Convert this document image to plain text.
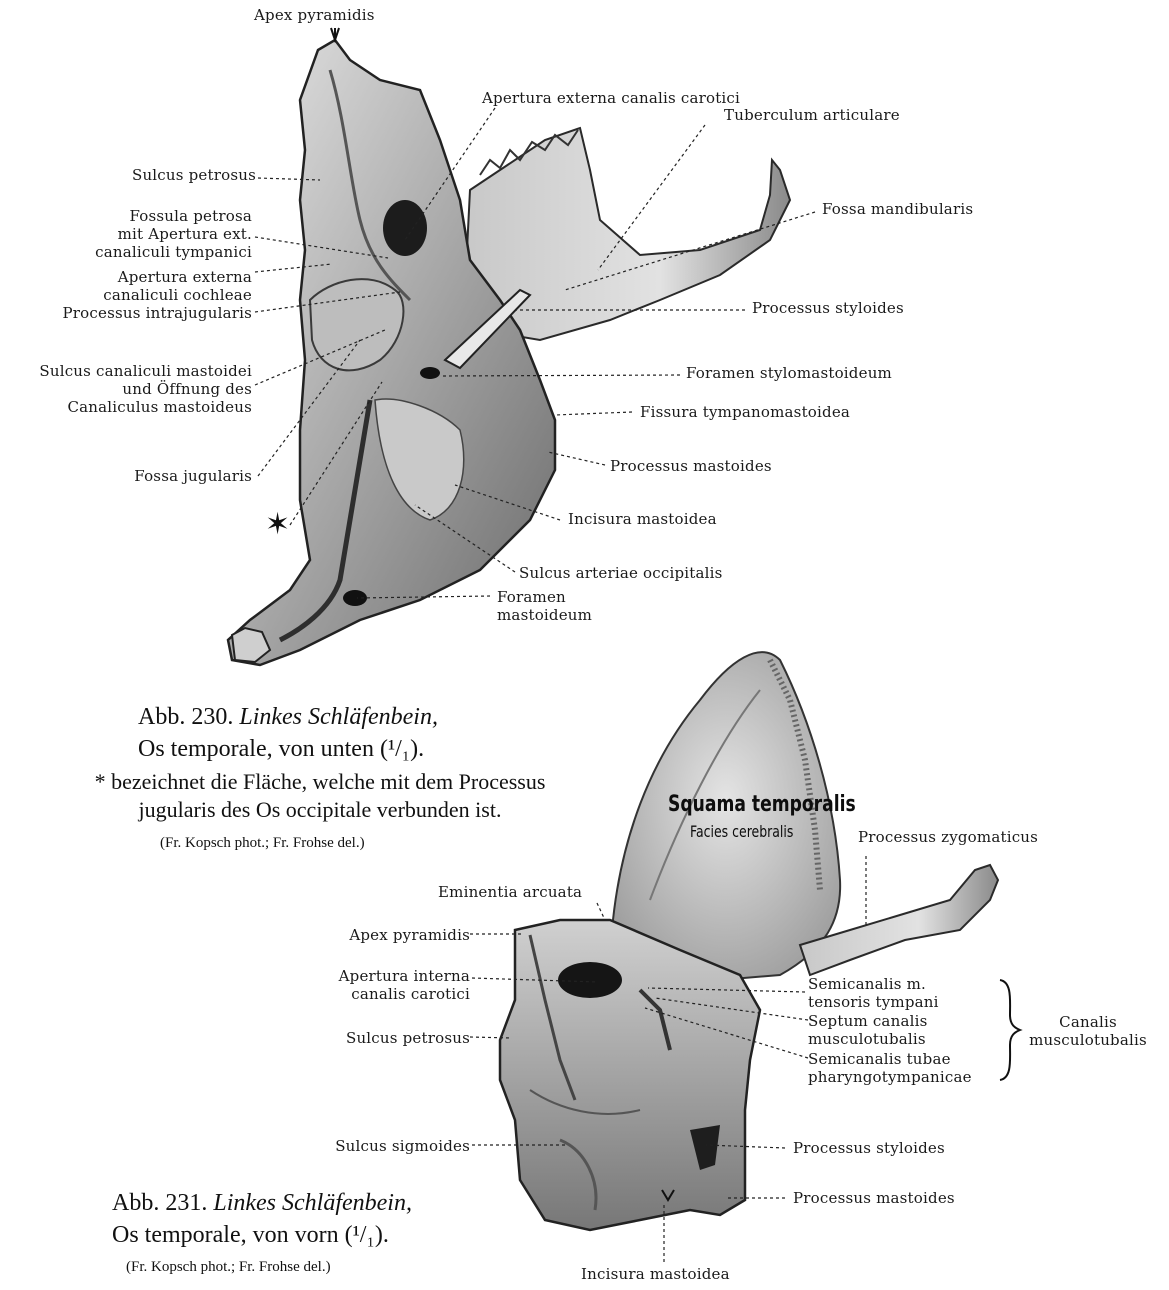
✶
Apex pyramidis
Apertura externa canalis carotici
Tuberculum articulare
Sulcus petrosus
Fossa mandibularis
Fossula petrosa
mit Apertura ext.
canaliculi tympanici
Apertura externa
canaliculi cochleae
Processus intrajugularis	Processus styloides
Sulcus canaliculi mastoidei
und Öffnung des
Canaliculus mastoideus
Foramen stylomastoideum
Fissura tympanomastoidea
Processus mastoides
Fossa jugularis
Incisura mastoidea
Sulcus arteriae occipitalis
Foramen
mastoideum
Abb. 230. Linkes Schläfenbein,
Os temporale, von unten (¹/₁).
* bezeichnet die Fläche, welche mit dem Processus
jugularis des Os occipitale verbunden ist.
(Fr. Kopsch phot.; Fr. Frohse del.)
Squama temporalis
Facies cerebralis	Processus zygomaticus
Eminentia arcuata
Apex pyramidis
Apertura interna
canalis carotici
Semicanalis m.
tensoris tympani
Septum canalis
musculotubalis
Semicanalis tubae
pharyngotympanicae
Canalis
musculotubalis
Sulcus petrosus
Sulcus sigmoides	Processus styloides
Processus mastoides
Incisura mastoidea
Abb. 231. Linkes Schläfenbein,
Os temporale, von vorn (¹/₁).
(Fr. Kopsch phot.; Fr. Frohse del.)
